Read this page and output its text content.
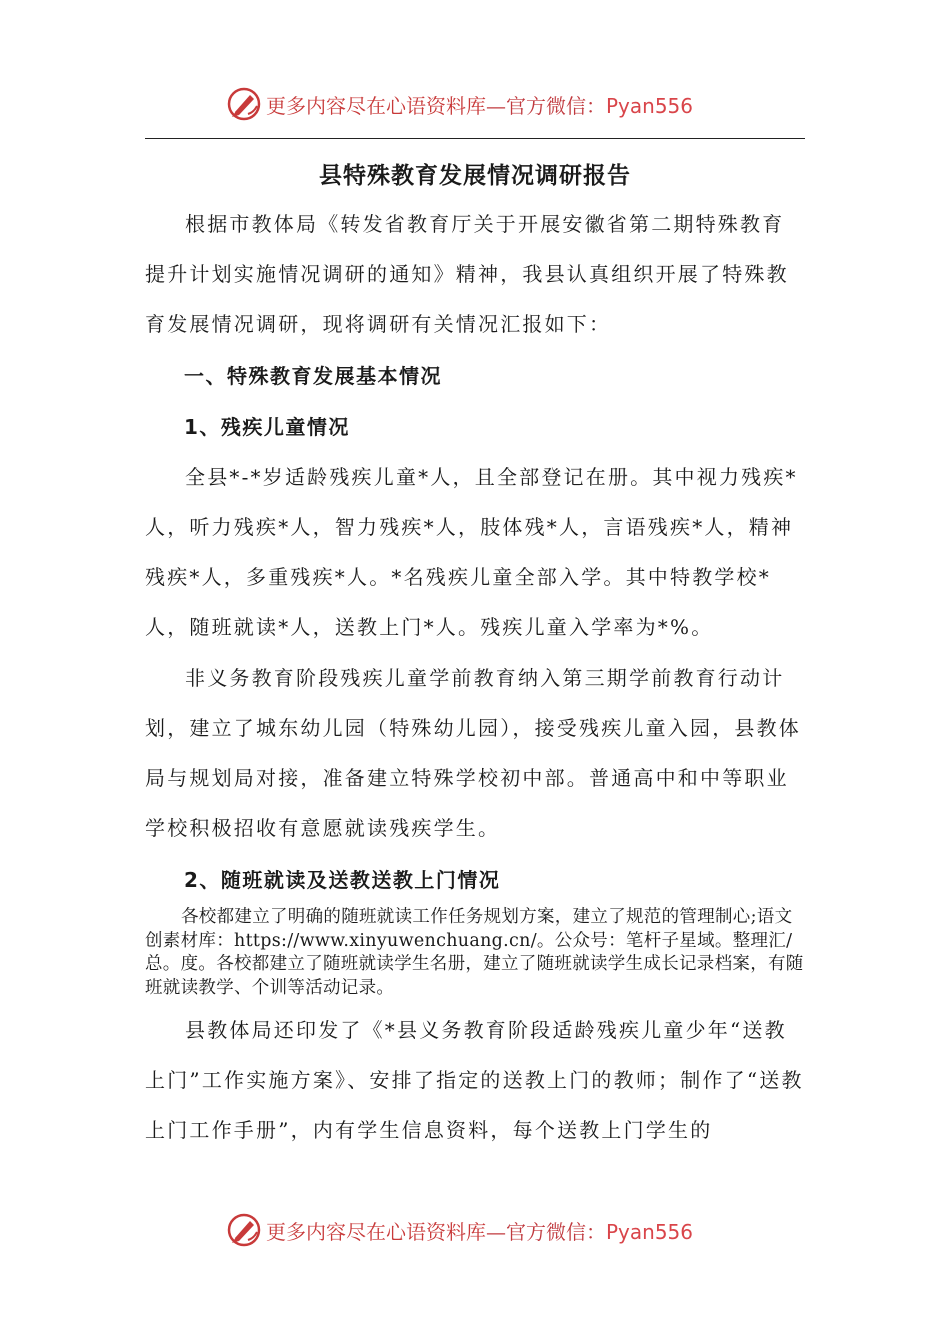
更多内容尽在心语资料库—官方微信：Pyan556
县特殊教育发展情况调研报告

根据市教体局《转发省教育厅关于开展安徽省第二期特殊教育提升计划实施情况调研的通知》精神，我县认真组织开展了特殊教育发展情况调研，现将调研有关情况汇报如下：

一、特殊教育发展基本情况
1、残疾儿童情况

全县*-*岁适龄残疾儿童*人，且全部登记在册。其中视力残疾*人，听力残疾*人，智力残疾*人，肢体残*人，言语残疾*人，精神残疾*人，多重残疾*人。*名残疾儿童全部入学。其中特教学校*人，随班就读*人，送教上门*人。残疾儿童入学率为*%。

非义务教育阶段残疾儿童学前教育纳入第三期学前教育行动计划，建立了城东幼儿园（特殊幼儿园），接受残疾儿童入园，县教体局与规划局对接，准备建立特殊学校初中部。普通高中和中等职业学校积极招收有意愿就读残疾学生。

2、随班就读及送教送教上门情况

各校都建立了明确的随班就读工作任务规划方案，建立了规范的管理制心;语文创素材库：https://www.xinyuwenchuang.cn/。公众号：笔杆子星域。整理汇/总。度。各校都建立了随班就读学生名册，建立了随班就读学生成长记录档案，有随班就读教学、个训等活动记录。

县教体局还印发了《*县义务教育阶段适龄残疾儿童少年“送教上门”工作实施方案》、安排了指定的送教上门的教师；制作了“送教上门工作手册”，内有学生信息资料，每个送教上门学生的

更多内容尽在心语资料库—官方微信：Pyan556
